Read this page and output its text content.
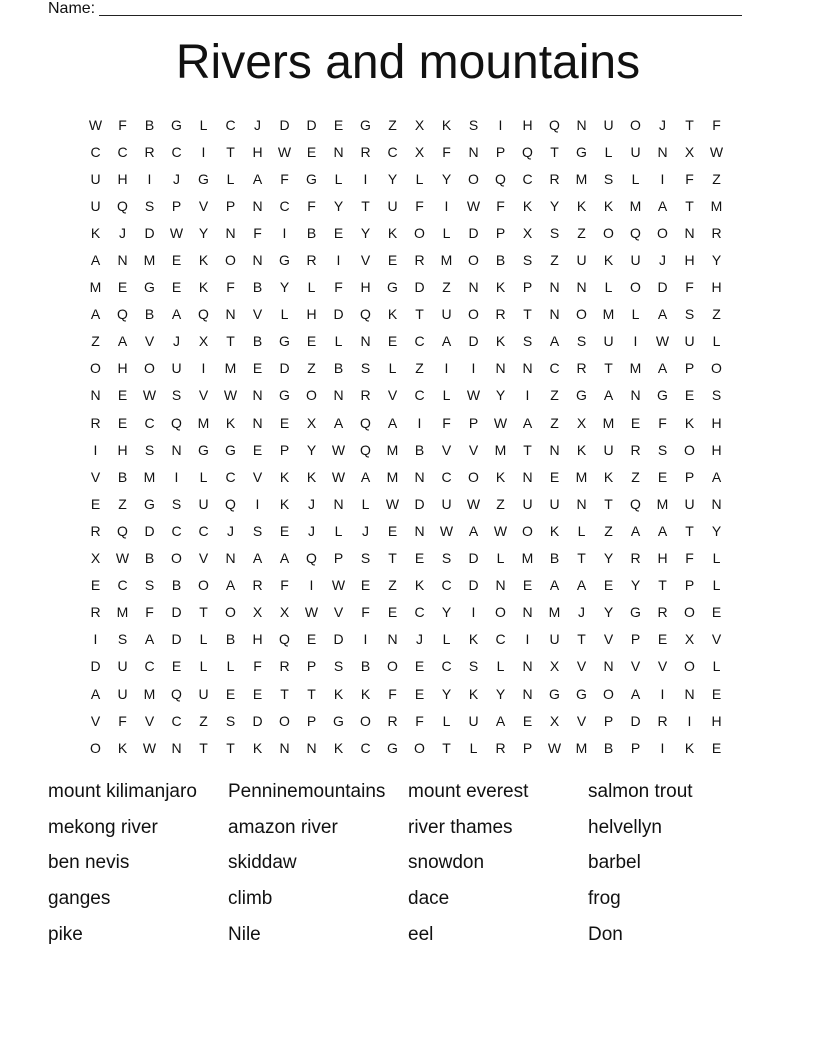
Name:
Rivers and mountains
W	F	B	G	L	C	J	D	D	E	G	Z	X	K	S	I	H	Q	N	U	O	J	T	F
C	C	R	C	I	T	H	W	E	N	R	C	X	F	N	P	Q	T	G	L	U	N	X	W
U	H	I	J	G	L	A	F	G	L	I	Y	L	Y	O	Q	C	R	M	S	L	I	F	Z
U	Q	S	P	V	P	N	C	F	Y	T	U	F	I	W	F	K	Y	K	K	M	A	T	M
K	J	D	W	Y	N	F	I	B	E	Y	K	O	L	D	P	X	S	Z	O	Q	O	N	R
A	N	M	E	K	O	N	G	R	I	V	E	R	M	O	B	S	Z	U	K	U	J	H	Y
M	E	G	E	K	F	B	Y	L	F	H	G	D	Z	N	K	P	N	N	L	O	D	F	H
A	Q	B	A	Q	N	V	L	H	D	Q	K	T	U	O	R	T	N	O	M	L	A	S	Z
Z	A	V	J	X	T	B	G	E	L	N	E	C	A	D	K	S	A	S	U	I	W	U	L
O	H	O	U	I	M	E	D	Z	B	S	L	Z	I	I	N	N	C	R	T	M	A	P	O
N	E	W	S	V	W	N	G	O	N	R	V	C	L	W	Y	I	Z	G	A	N	G	E	S
R	E	C	Q	M	K	N	E	X	A	Q	A	I	F	P	W	A	Z	X	M	E	F	K	H
I	H	S	N	G	G	E	P	Y	W	Q	M	B	V	V	M	T	N	K	U	R	S	O	H
V	B	M	I	L	C	V	K	K	W	A	M	N	C	O	K	N	E	M	K	Z	E	P	A
E	Z	G	S	U	Q	I	K	J	N	L	W	D	U	W	Z	U	U	N	T	Q	M	U	N
R	Q	D	C	C	J	S	E	J	L	J	E	N	W	A	W	O	K	L	Z	A	A	T	Y
X	W	B	O	V	N	A	A	Q	P	S	T	E	S	D	L	M	B	T	Y	R	H	F	L
E	C	S	B	O	A	R	F	I	W	E	Z	K	C	D	N	E	A	A	E	Y	T	P	L
R	M	F	D	T	O	X	X	W	V	F	E	C	Y	I	O	N	M	J	Y	G	R	O	E
I	S	A	D	L	B	H	Q	E	D	I	N	J	L	K	C	I	U	T	V	P	E	X	V
D	U	C	E	L	L	F	R	P	S	B	O	E	C	S	L	N	X	V	N	V	V	O	L
A	U	M	Q	U	E	E	T	T	K	K	F	E	Y	K	Y	N	G	G	O	A	I	N	E
V	F	V	C	Z	S	D	O	P	G	O	R	F	L	U	A	E	X	V	P	D	R	I	H
O	K	W	N	T	T	K	N	N	K	C	G	O	T	L	R	P	W	M	B	P	I	K	E
mount kilimanjaro	Penninemountains	mount everest	salmon trout
mekong river	amazon river	river thames	helvellyn
ben nevis	skiddaw	snowdon	barbel
ganges	climb	dace	frog
pike	Nile	eel	Don
